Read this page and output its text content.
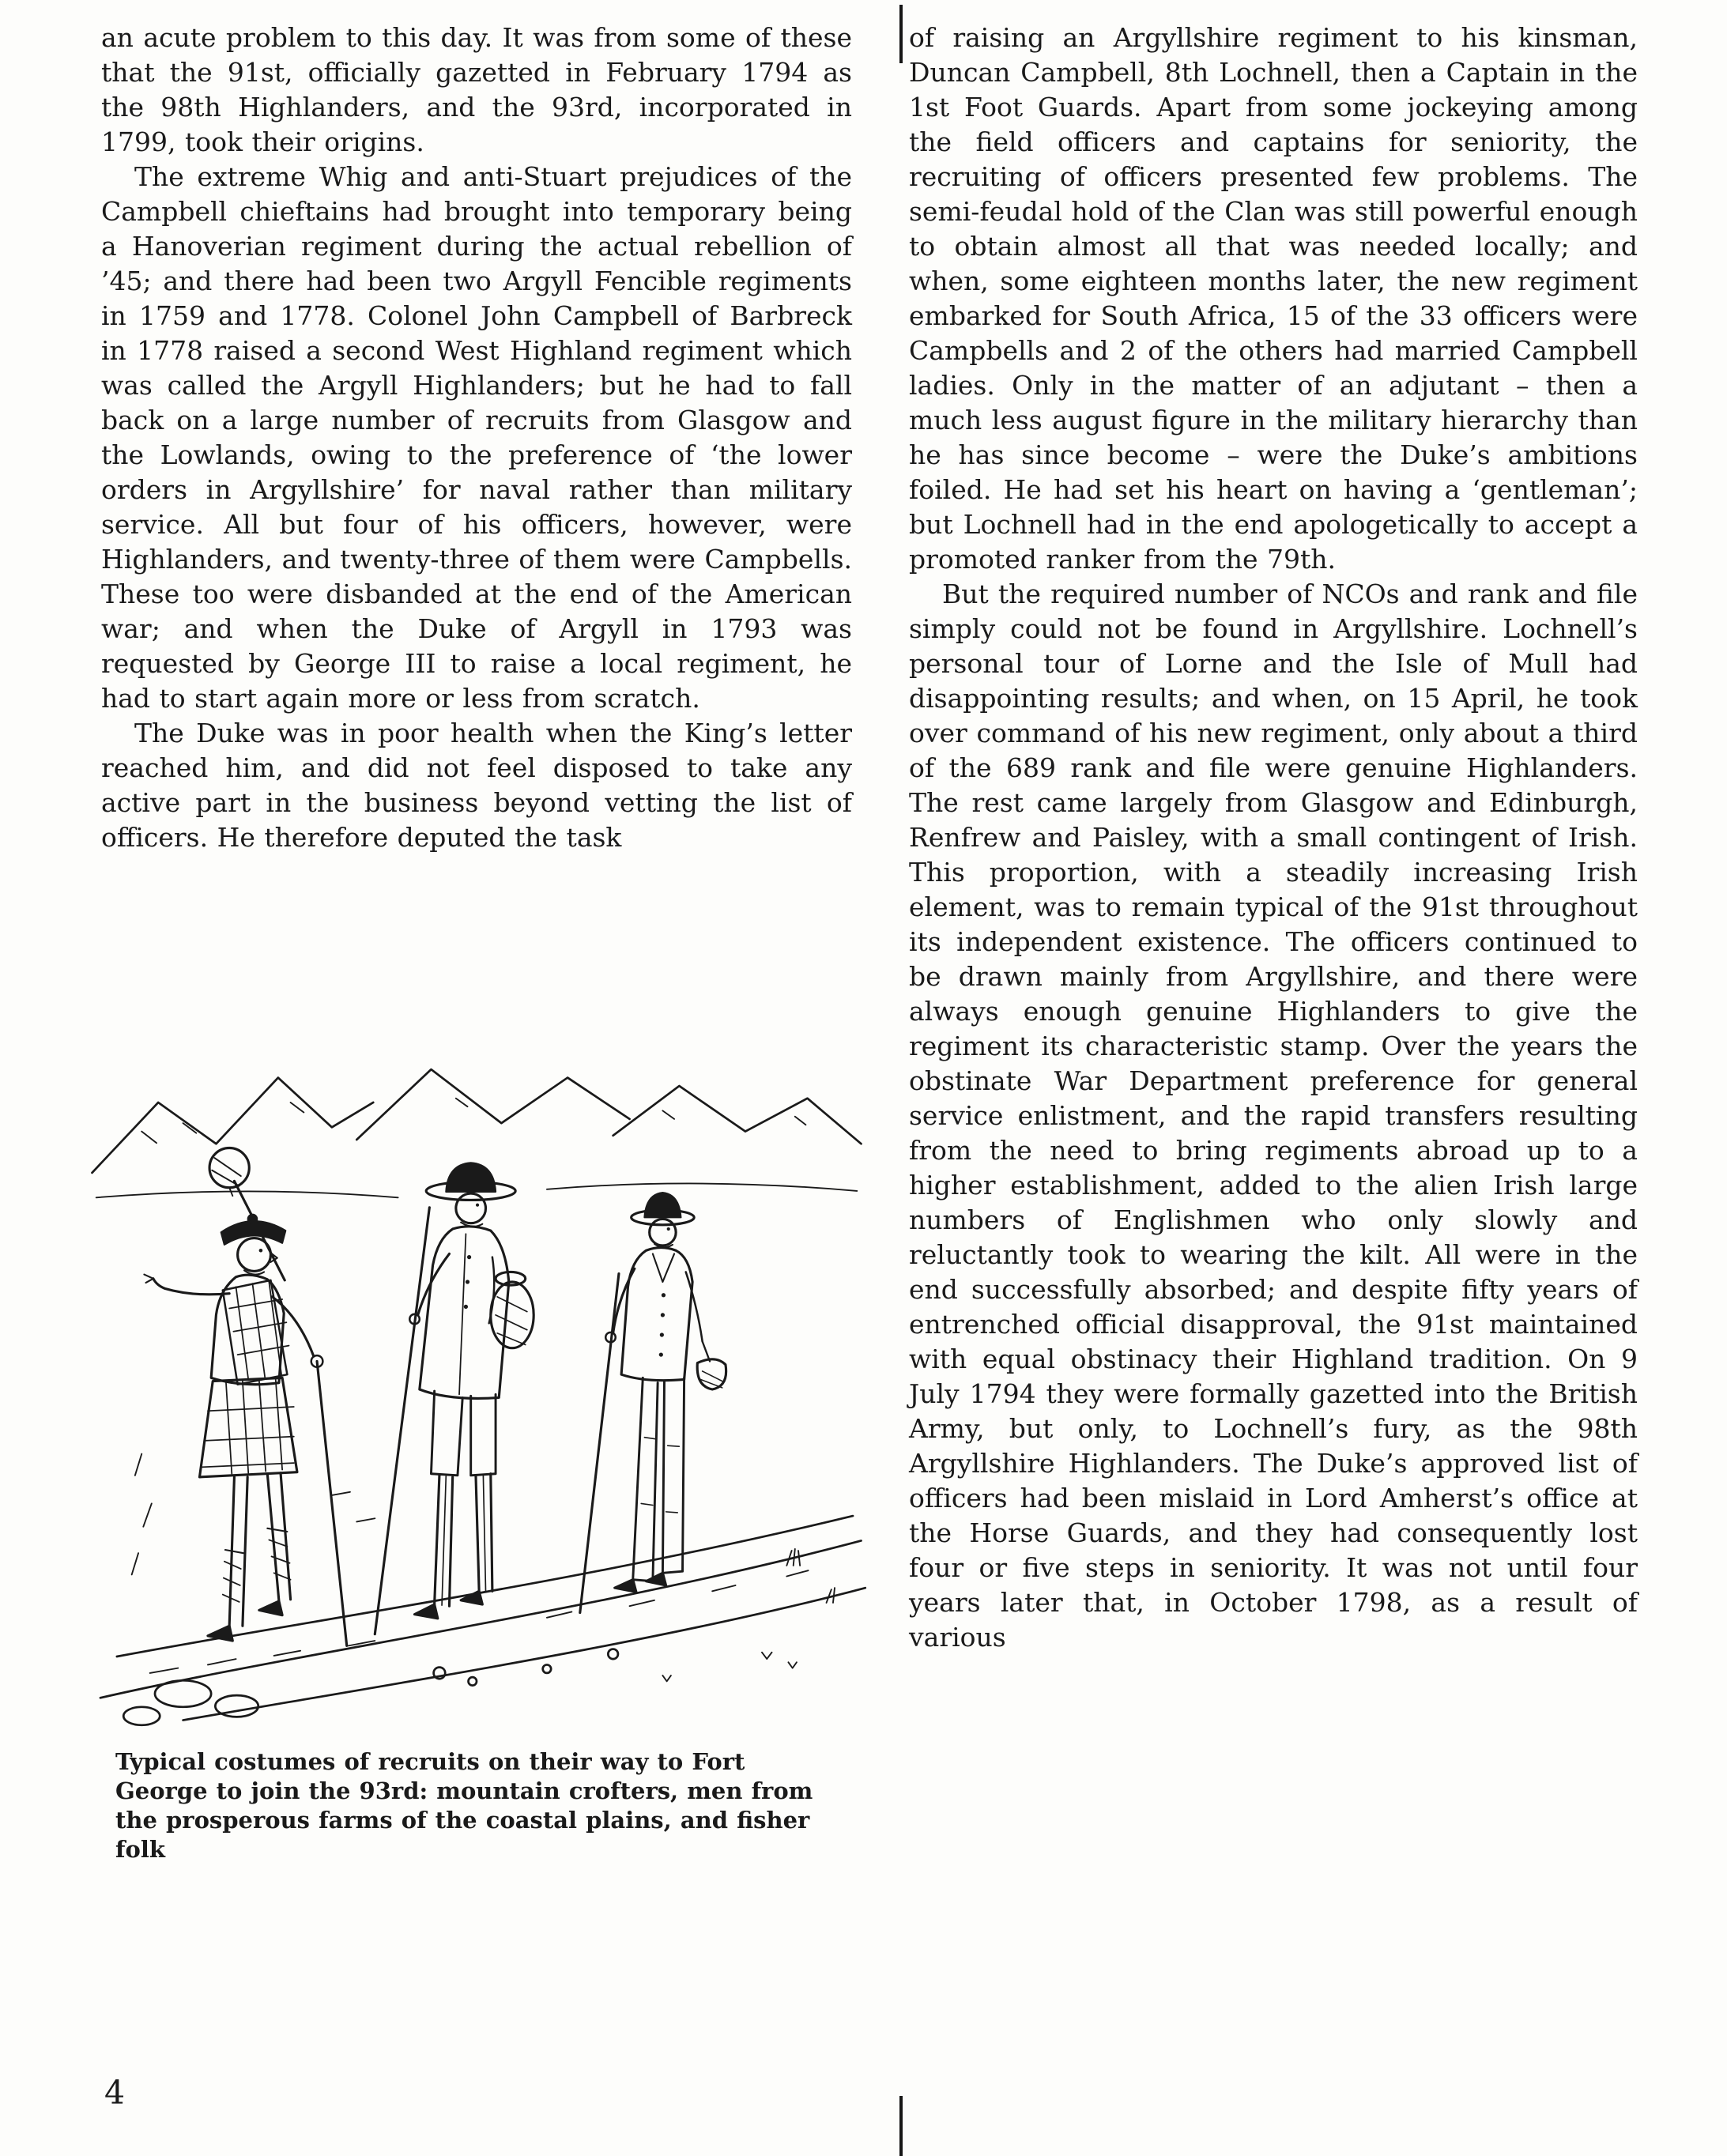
an acute problem to this day. It was from some of these that the 91st, officially gazetted in February 1794 as the 98th Highlanders, and the 93rd, incorporated in 1799, took their origins.

The extreme Whig and anti-Stuart prejudices of the Campbell chieftains had brought into temporary being a Hanoverian regiment during the actual rebellion of ’45; and there had been two Argyll Fencible regiments in 1759 and 1778. Colonel John Campbell of Barbreck in 1778 raised a second West Highland regiment which was called the Argyll Highlanders; but he had to fall back on a large number of recruits from Glasgow and the Lowlands, owing to the preference of ‘the lower orders in Argyllshire’ for naval rather than military service. All but four of his officers, however, were Highlanders, and twenty-three of them were Campbells. These too were disbanded at the end of the American war; and when the Duke of Argyll in 1793 was requested by George III to raise a local regiment, he had to start again more or less from scratch.

The Duke was in poor health when the King’s letter reached him, and did not feel disposed to take any active part in the business beyond vetting the list of officers. He therefore deputed the task

Typical costumes of recruits on their way to Fort George to join the 93rd: mountain crofters, men from the prosperous farms of the coastal plains, and fisher folk

of raising an Argyllshire regiment to his kinsman, Duncan Campbell, 8th Lochnell, then a Captain in the 1st Foot Guards. Apart from some jockeying among the field officers and captains for seniority, the recruiting of officers presented few problems. The semi-feudal hold of the Clan was still powerful enough to obtain almost all that was needed locally; and when, some eighteen months later, the new regiment embarked for South Africa, 15 of the 33 officers were Campbells and 2 of the others had married Campbell ladies. Only in the matter of an adjutant – then a much less august figure in the military hierarchy than he has since become – were the Duke’s ambitions foiled. He had set his heart on having a ‘gentleman’; but Lochnell had in the end apologetically to accept a promoted ranker from the 79th.

But the required number of NCOs and rank and file simply could not be found in Argyllshire. Lochnell’s personal tour of Lorne and the Isle of Mull had disappointing results; and when, on 15 April, he took over command of his new regiment, only about a third of the 689 rank and file were genuine Highlanders. The rest came largely from Glasgow and Edinburgh, Renfrew and Paisley, with a small contingent of Irish. This proportion, with a steadily increasing Irish element, was to remain typical of the 91st throughout its independent existence. The officers continued to be drawn mainly from Argyllshire, and there were always enough genuine Highlanders to give the regiment its characteristic stamp. Over the years the obstinate War Department preference for general service enlistment, and the rapid transfers resulting from the need to bring regiments abroad up to a higher establishment, added to the alien Irish large numbers of Englishmen who only slowly and reluctantly took to wearing the kilt. All were in the end successfully absorbed; and despite fifty years of entrenched official disapproval, the 91st maintained with equal obstinacy their Highland tradition. On 9 July 1794 they were formally gazetted into the British Army, but only, to Lochnell’s fury, as the 98th Argyllshire Highlanders. The Duke’s approved list of officers had been mislaid in Lord Amherst’s office at the Horse Guards, and they had consequently lost four or five steps in seniority. It was not until four years later that, in October 1798, as a result of various

4
